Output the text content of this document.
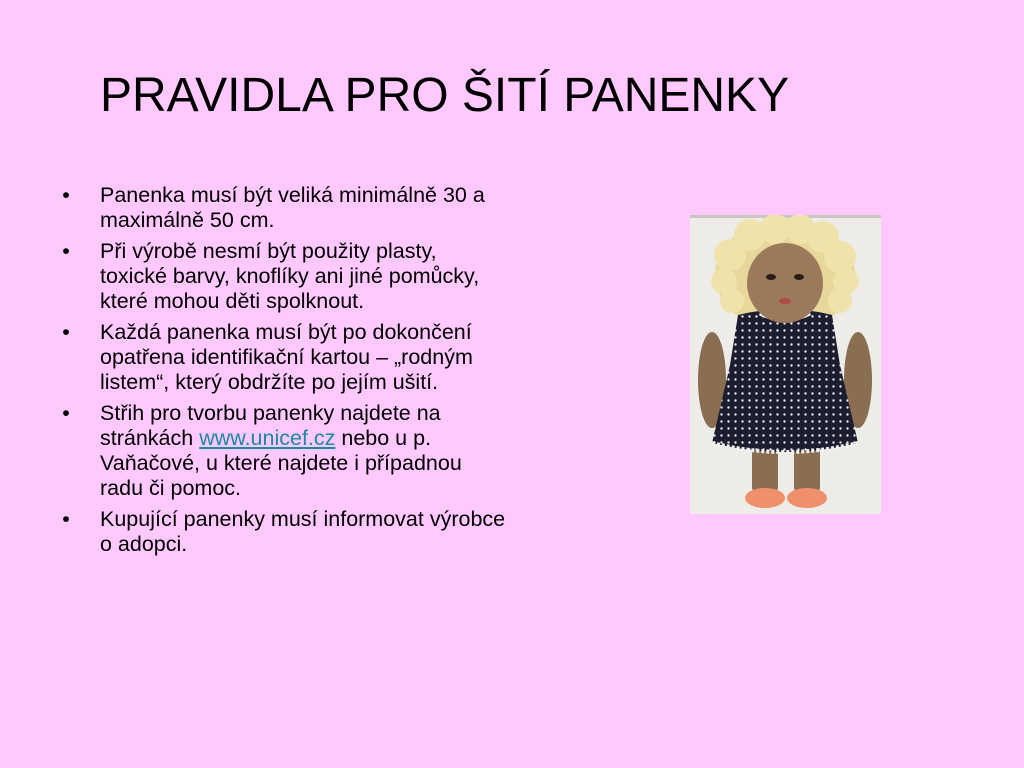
PRAVIDLA PRO ŠITÍ PANENKY
• Panenka musí být veliká minimálně 30 a maximálně 50 cm.
• Při výrobě nesmí být použity plasty, toxické barvy, knoflíky ani jiné pomůcky, které mohou děti spolknout.
• Každá panenka musí být po dokončení opatřena identifikační kartou – „rodným listem“, který obdržíte po jejím ušití.
• Střih pro tvorbu panenky najdete na stránkách www.unicef.cz nebo u p. Vaňačové, u které najdete i případnou radu či pomoc.
• Kupující panenky musí informovat výrobce o adopci.
